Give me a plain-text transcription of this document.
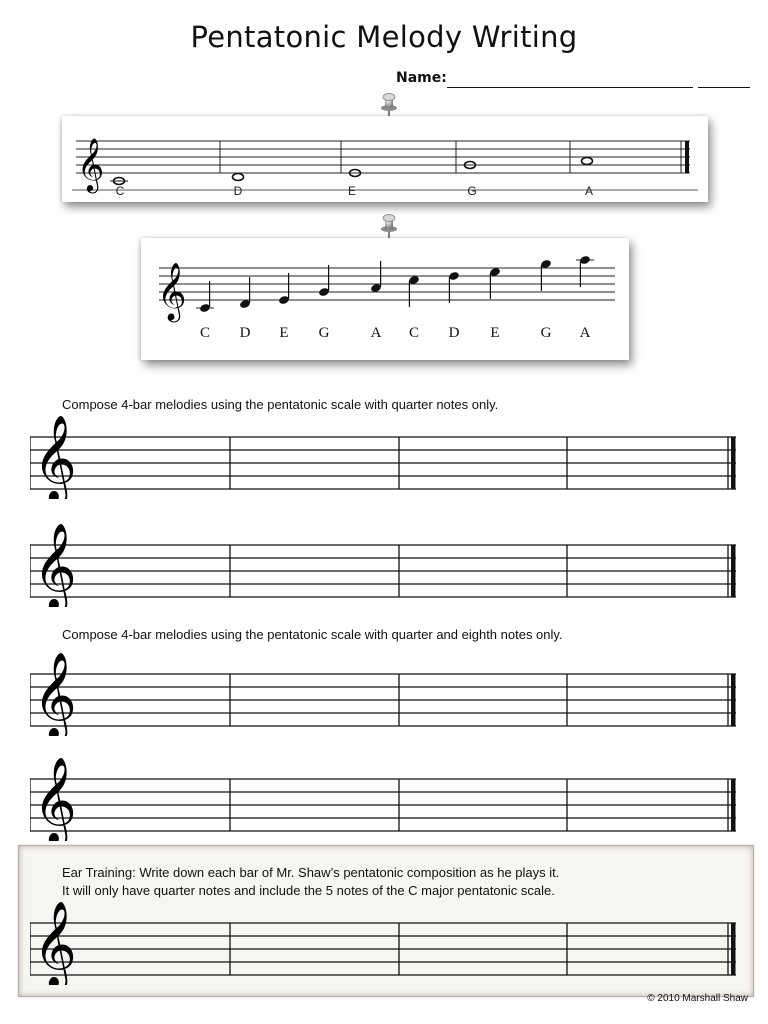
Pentatonic Melody Writing
Name:
𝄞
C	D	E	G	A
𝄞
C D E G	A C D E	G A
Compose 4-bar melodies using the pentatonic scale with quarter notes only.
Compose 4-bar melodies using the pentatonic scale with quarter and eighth notes only.
Ear Training: Write down each bar of Mr. Shaw’s pentatonic composition as he plays it.
It will only have quarter notes and include the 5 notes of the C major pentatonic scale.
𝄞
𝄞
𝄞
𝄞
𝄞
© 2010 Marshall Shaw
